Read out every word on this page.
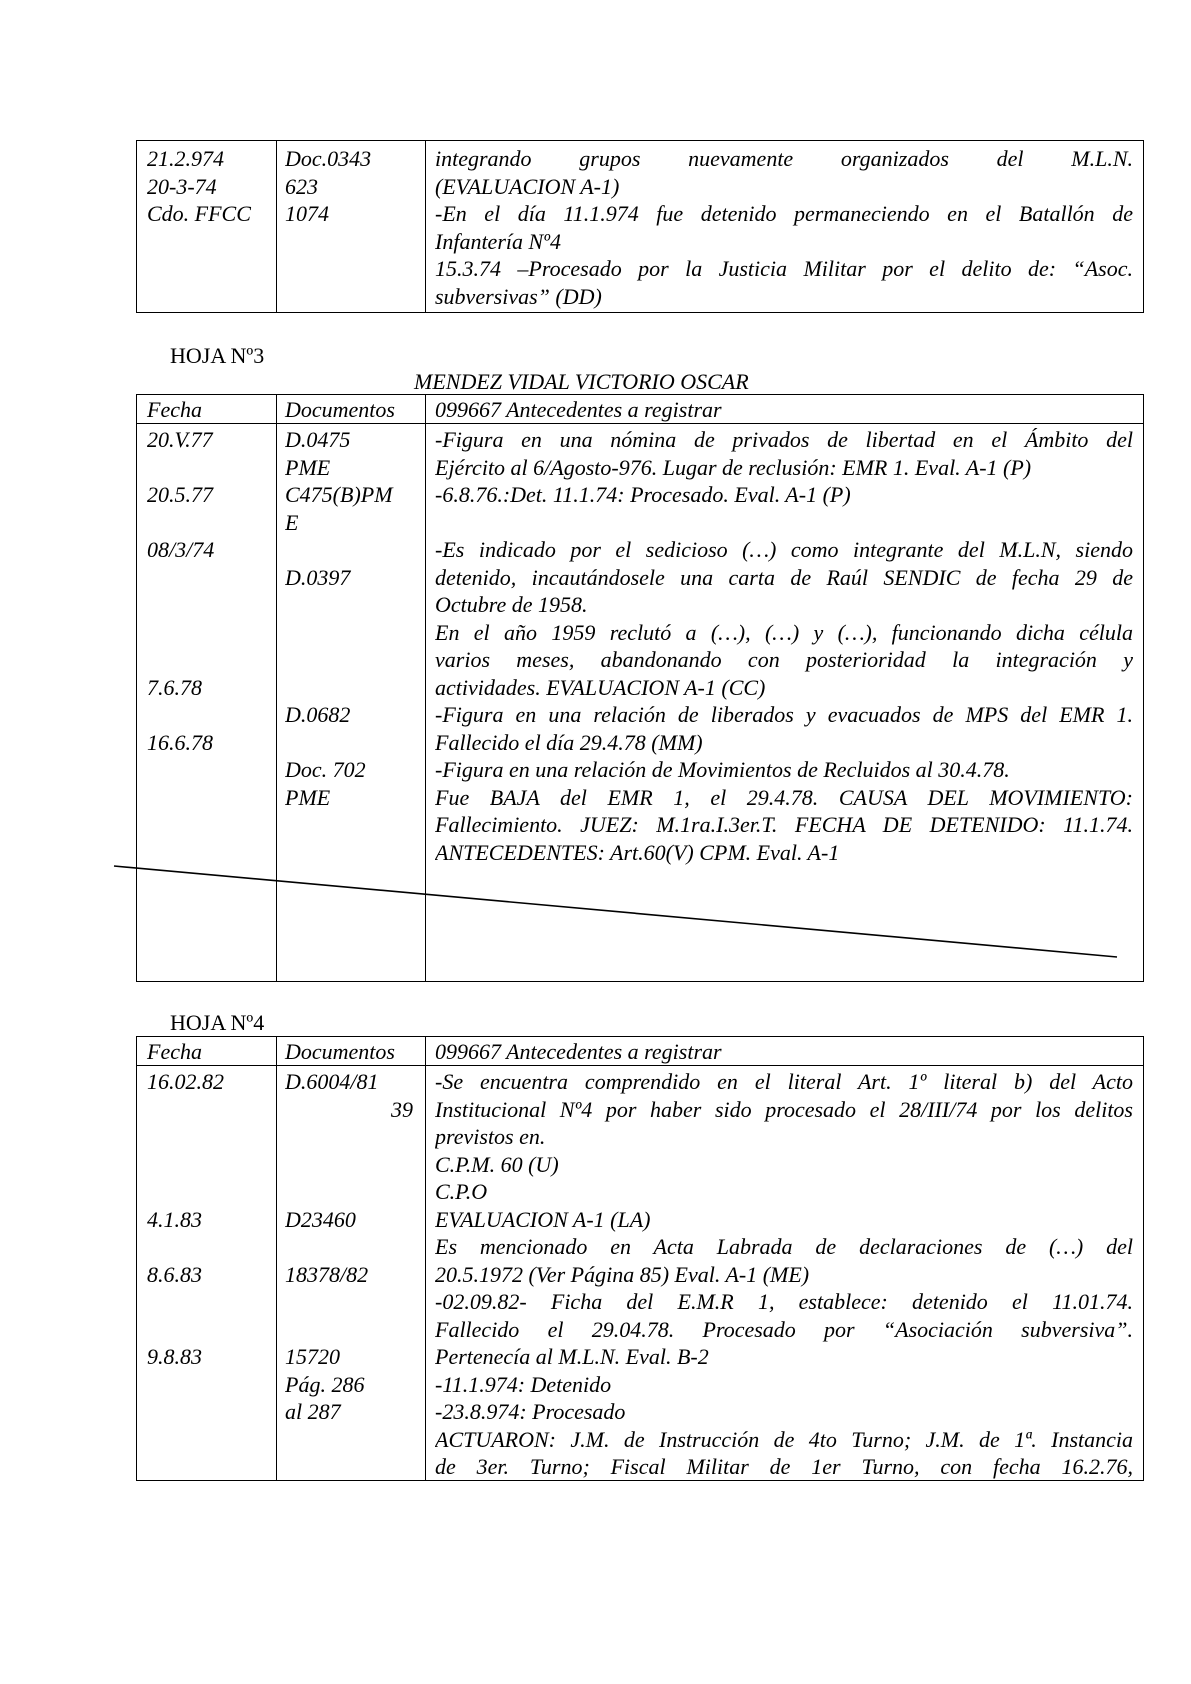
21.2.974
20-3-74
Cdo. FFCC
Doc.0343
623
1074
integrando grupos nuevamente organizados del M.L.N.
(EVALUACION A-1)
-En el día 11.1.974 fue detenido permaneciendo en el Batallón de
Infantería Nº4
15.3.74 –Procesado por la Justicia Militar por el delito de: “Asoc.
subversivas” (DD)
HOJA Nº3
MENDEZ VIDAL VICTORIO OSCAR
Fecha	Documentos 099667 Antecedentes a registrar
20.V.77
20.5.77
08/3/74
7.6.78
16.6.78
D.0475
PME
C475(B)PM
E
D.0397
D.0682
Doc. 702
PME
-Figura en una nómina de privados de libertad en el Ámbito del
Ejército al 6/Agosto-976. Lugar de reclusión: EMR 1. Eval. A-1 (P)
-6.8.76.:Det. 11.1.74: Procesado. Eval. A-1 (P)
-Es indicado por el sedicioso (…) como integrante del M.L.N, siendo
detenido, incautándosele una carta de Raúl SENDIC de fecha 29 de
Octubre de 1958.
En el año 1959 reclutó a (…), (…) y (…), funcionando dicha célula
varios meses, abandonando con posterioridad la integración y
actividades. EVALUACION A-1 (CC)
-Figura en una relación de liberados y evacuados de MPS del EMR 1.
Fallecido el día 29.4.78 (MM)
-Figura en una relación de Movimientos de Recluidos al 30.4.78.
Fue BAJA del EMR 1, el 29.4.78. CAUSA DEL MOVIMIENTO:
Fallecimiento. JUEZ: M.1ra.I.3er.T. FECHA DE DETENIDO: 11.1.74.
ANTECEDENTES: Art.60(V) CPM. Eval. A-1
HOJA Nº4
Fecha	Documentos 099667 Antecedentes a registrar
16.02.82
4.1.83
8.6.83
9.8.83
D.6004/81
39
D23460
18378/82
15720
Pág. 286
al 287
-Se encuentra comprendido en el literal Art. 1º literal b) del Acto
Institucional Nº4 por haber sido procesado el 28/III/74 por los delitos
previstos en.
C.P.M. 60 (U)
C.P.O
EVALUACION A-1 (LA)
Es mencionado en Acta Labrada de declaraciones de (…) del
20.5.1972 (Ver Página 85) Eval. A-1 (ME)
-02.09.82- Ficha del E.M.R 1, establece: detenido el 11.01.74.
Fallecido el 29.04.78. Procesado por “Asociación subversiva”.
Pertenecía al M.L.N. Eval. B-2
-11.1.974: Detenido
-23.8.974: Procesado
ACTUARON: J.M. de Instrucción de 4to Turno; J.M. de 1ª. Instancia
de 3er. Turno; Fiscal Militar de 1er Turno, con fecha 16.2.76,
